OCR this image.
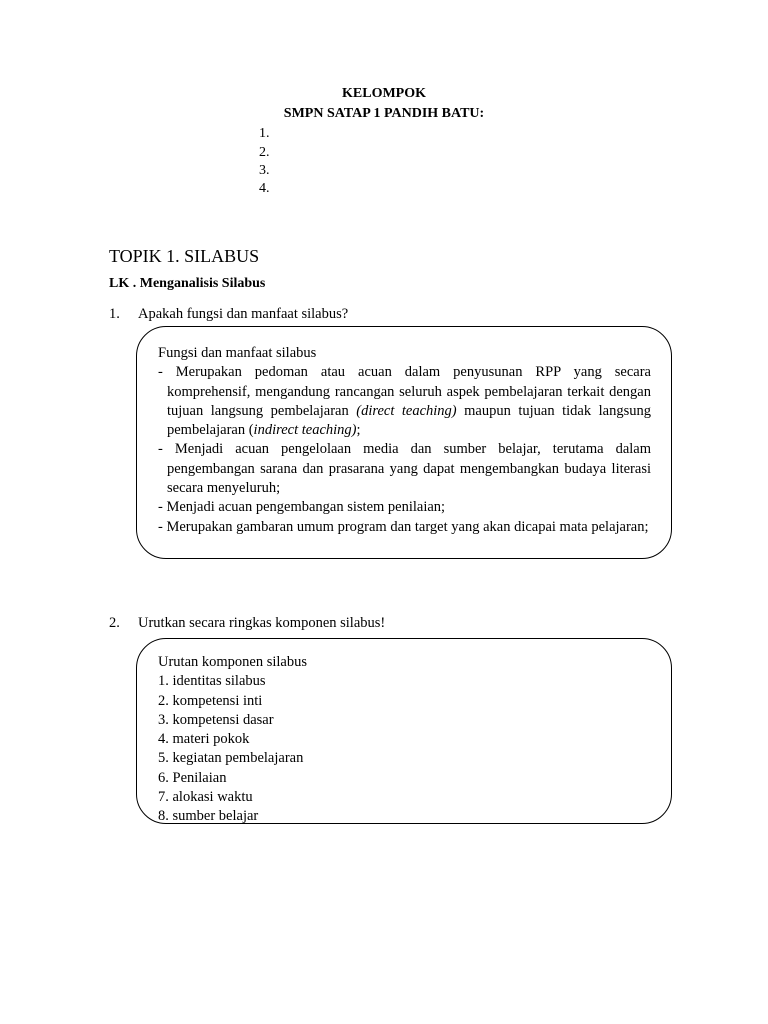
KELOMPOK
SMPN SATAP 1 PANDIH BATU:
1.
2.
3.
4.
TOPIK 1. SILABUS
LK . Menganalisis Silabus
1. Apakah fungsi dan manfaat silabus?
Fungsi dan manfaat silabus
- Merupakan pedoman atau acuan dalam penyusunan RPP yang secara komprehensif, mengandung rancangan seluruh aspek pembelajaran terkait dengan tujuan langsung pembelajaran (direct teaching) maupun tujuan tidak langsung pembelajaran (indirect teaching);
- Menjadi acuan pengelolaan media dan sumber belajar, terutama dalam pengembangan sarana dan prasarana yang dapat mengembangkan budaya literasi secara menyeluruh;
- Menjadi acuan pengembangan sistem penilaian;
- Merupakan gambaran umum program dan target yang akan dicapai mata pelajaran;
2. Urutkan secara ringkas komponen silabus!
Urutan komponen silabus
1. identitas silabus
2. kompetensi inti
3. kompetensi dasar
4. materi pokok
5. kegiatan pembelajaran
6. Penilaian
7. alokasi waktu
8. sumber belajar
